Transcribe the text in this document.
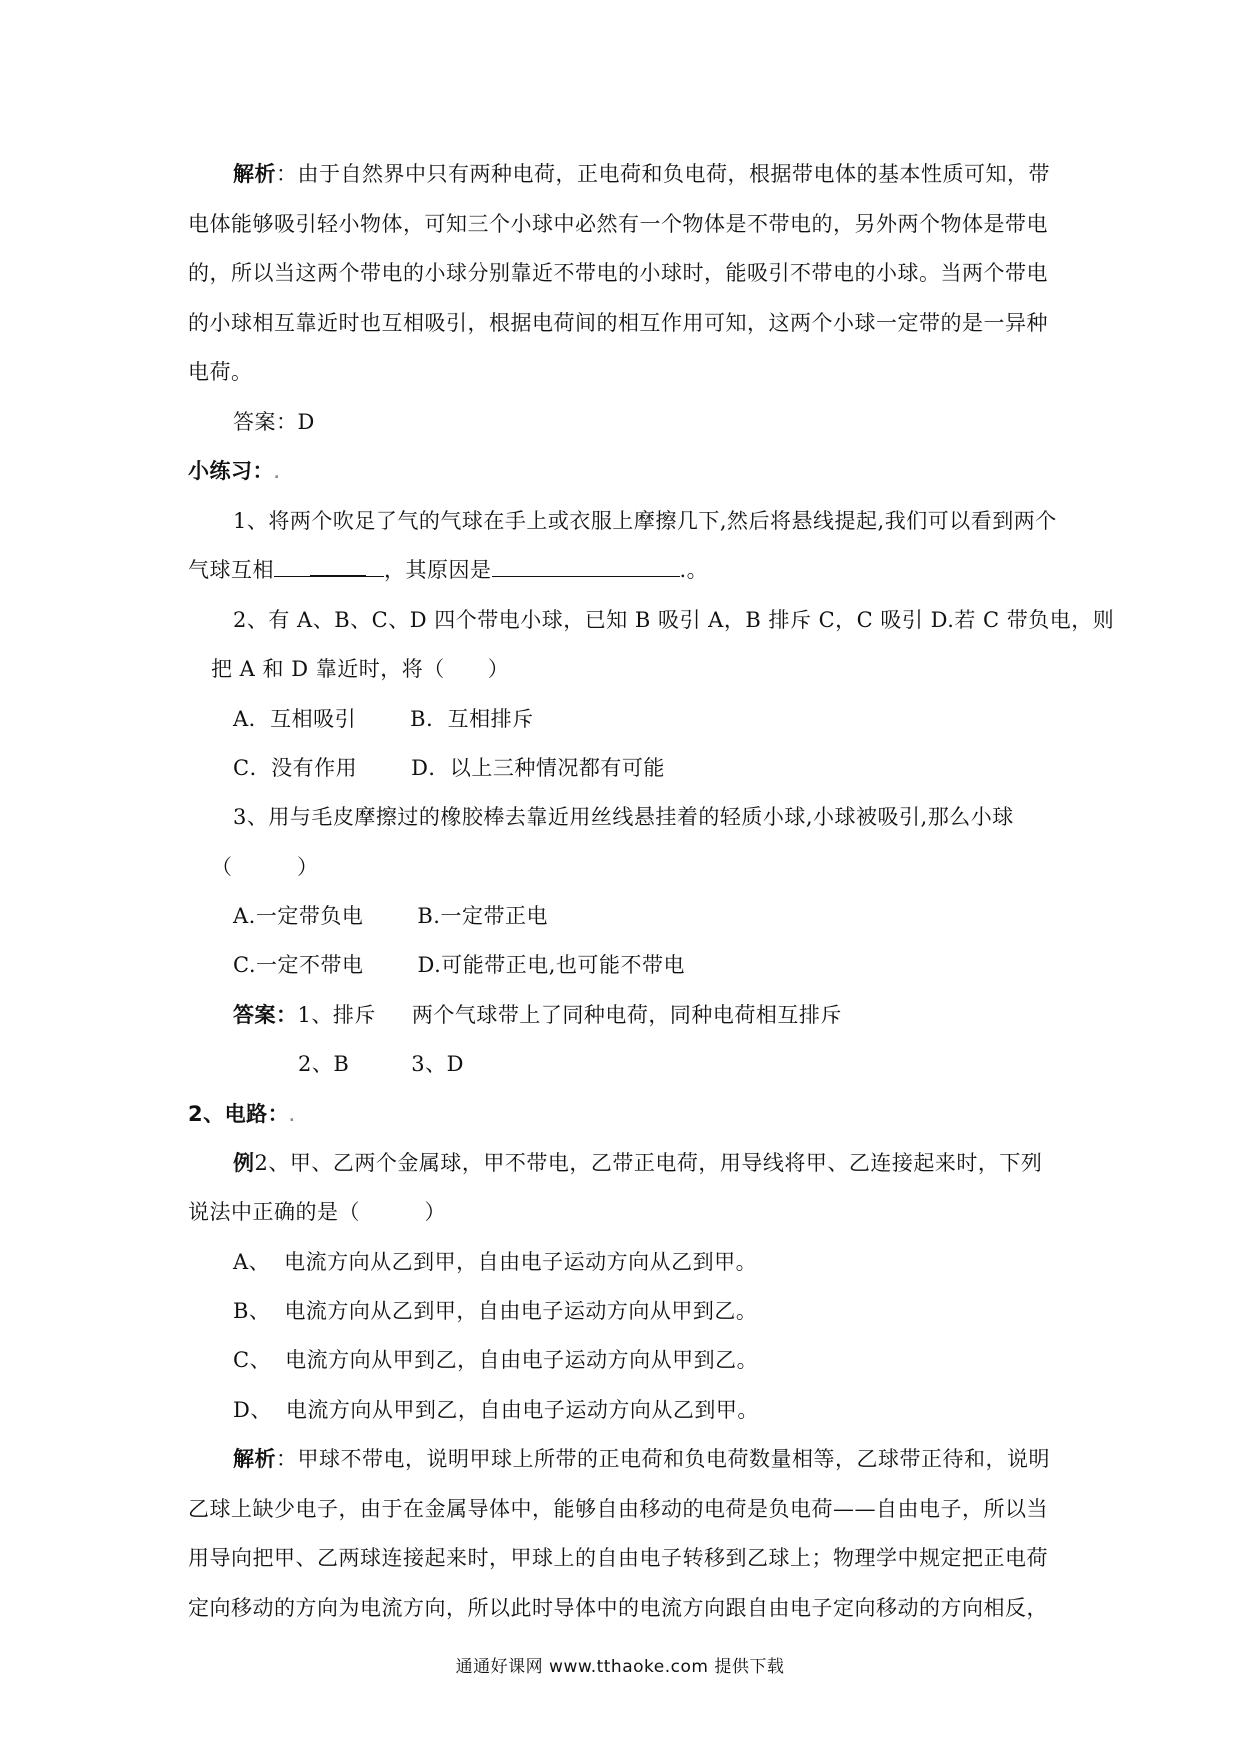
解析：由于自然界中只有两种电荷，正电荷和负电荷，根据带电体的基本性质可知，带
电体能够吸引轻小物体，可知三个小球中必然有一个物体是不带电的，另外两个物体是带电
的，所以当这两个带电的小球分别靠近不带电的小球时，能吸引不带电的小球。当两个带电
的小球相互靠近时也互相吸引，根据电荷间的相互作用可知，这两个小球一定带的是一异种
电荷。
答案：D
小练习：.
1、将两个吹足了气的气球在手上或衣服上摩擦几下,然后将悬线提起,我们可以看到两个
气球互相	，其原因是	.。
2、有 A、B、C、D 四个带电小球，已知 B 吸引 A，B 排斥 C，C 吸引 D.若 C 带负电，则
把 A 和 D 靠近时，将（　　）
A．互相吸引	B．互相排斥
C．没有作用	D．以上三种情况都有可能
3、用与毛皮摩擦过的橡胶棒去靠近用丝线悬挂着的轻质小球,小球被吸引,那么小球
（　　　）
A.一定带负电	B.一定带正电
C.一定不带电	D.可能带正电,也可能不带电
答案：1、排斥 两个气球带上了同种电荷，同种电荷相互排斥
2、B	3、D
2、电路：.
例2、甲、乙两个金属球，甲不带电，乙带正电荷，用导线将甲、乙连接起来时，下列
说法中正确的是（　　　）
A、 电流方向从乙到甲，自由电子运动方向从乙到甲。
B、 电流方向从乙到甲，自由电子运动方向从甲到乙。
C、 电流方向从甲到乙，自由电子运动方向从甲到乙。
D、 电流方向从甲到乙，自由电子运动方向从乙到甲。
解析：甲球不带电，说明甲球上所带的正电荷和负电荷数量相等，乙球带正待和，说明
乙球上缺少电子，由于在金属导体中，能够自由移动的电荷是负电荷——自由电子，所以当
用导向把甲、乙两球连接起来时，甲球上的自由电子转移到乙球上；物理学中规定把正电荷
定向移动的方向为电流方向，所以此时导体中的电流方向跟自由电子定向移动的方向相反，
通通好课网 www.tthaoke.com 提供下载
